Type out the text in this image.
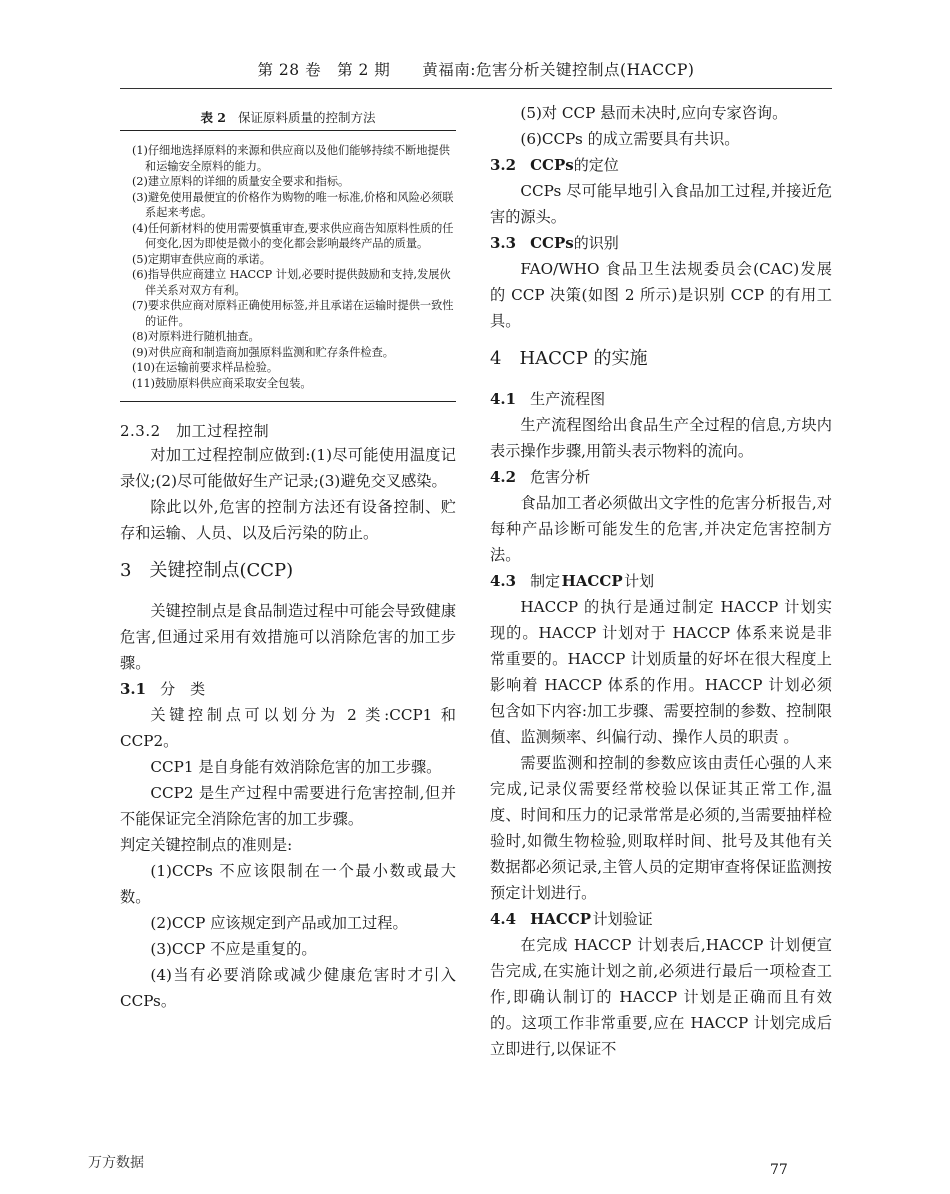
第 28 卷　第 2 期　　黄福南:危害分析关键控制点(HACCP)
表 2 保证原料质量的控制方法
(1)仔细地选择原料的来源和供应商以及他们能够持续不断地提供和运输安全原料的能力。
(2)建立原料的详细的质量安全要求和指标。
(3)避免使用最便宜的价格作为购物的唯一标准,价格和风险必须联系起来考虑。
(4)任何新材料的使用需要慎重审查,要求供应商告知原料性质的任何变化,因为即使是微小的变化都会影响最终产品的质量。
(5)定期审查供应商的承诺。
(6)指导供应商建立 HACCP 计划,必要时提供鼓励和支持,发展伙伴关系对双方有利。
(7)要求供应商对原料正确使用标签,并且承诺在运输时提供一致性的证件。
(8)对原料进行随机抽查。
(9)对供应商和制造商加强原料监测和贮存条件检查。
(10)在运输前要求样品检验。
(11)鼓励原料供应商采取安全包装。
2.3.2　加工过程控制

对加工过程控制应做到:(1)尽可能使用温度记录仪;(2)尽可能做好生产记录;(3)避免交叉感染。

除此以外,危害的控制方法还有设备控制、贮存和运输、人员、以及后污染的防止。

3　关键控制点(CCP)

关键控制点是食品制造过程中可能会导致健康危害,但通过采用有效措施可以消除危害的加工步骤。

3.1 分　类

关键控制点可以划分为 2 类:CCP1 和 CCP2。

CCP1 是自身能有效消除危害的加工步骤。

CCP2 是生产过程中需要进行危害控制,但并不能保证完全消除危害的加工步骤。

判定关键控制点的准则是:

(1)CCPs 不应该限制在一个最小数或最大数。

(2)CCP 应该规定到产品或加工过程。

(3)CCP 不应是重复的。

(4)当有必要消除或减少健康危害时才引入 CCPs。

(5)对 CCP 悬而未决时,应向专家咨询。

(6)CCPs 的成立需要具有共识。

3.2 CCPs的定位

CCPs 尽可能早地引入食品加工过程,并接近危害的源头。

3.3 CCPs的识别

FAO/WHO 食品卫生法规委员会(CAC)发展的 CCP 决策(如图 2 所示)是识别 CCP 的有用工具。

4　HACCP 的实施
4.1 生产流程图

生产流程图给出食品生产全过程的信息,方块内表示操作步骤,用箭头表示物料的流向。

4.2 危害分析

食品加工者必须做出文字性的危害分析报告,对每种产品诊断可能发生的危害,并决定危害控制方法。

4.3 制定  HACCP  计划

HACCP 的执行是通过制定 HACCP 计划实现的。HACCP 计划对于 HACCP 体系来说是非常重要的。HACCP 计划质量的好坏在很大程度上影响着 HACCP 体系的作用。HACCP 计划必须包含如下内容:加工步骤、需要控制的参数、控制限值、监测频率、纠偏行动、操作人员的职责 。

需要监测和控制的参数应该由责任心强的人来完成,记录仪需要经常校验以保证其正常工作,温度、时间和压力的记录常常是必须的,当需要抽样检验时,如微生物检验,则取样时间、批号及其他有关数据都必须记录,主管人员的定期审查将保证监测按预定计划进行。

4.4 HACCP  计划验证

在完成 HACCP 计划表后,HACCP 计划便宣告完成,在实施计划之前,必须进行最后一项检查工作,即确认制订的 HACCP 计划是正确而且有效的。这项工作非常重要,应在 HACCP 计划完成后立即进行,以保证不

万方数据	77
